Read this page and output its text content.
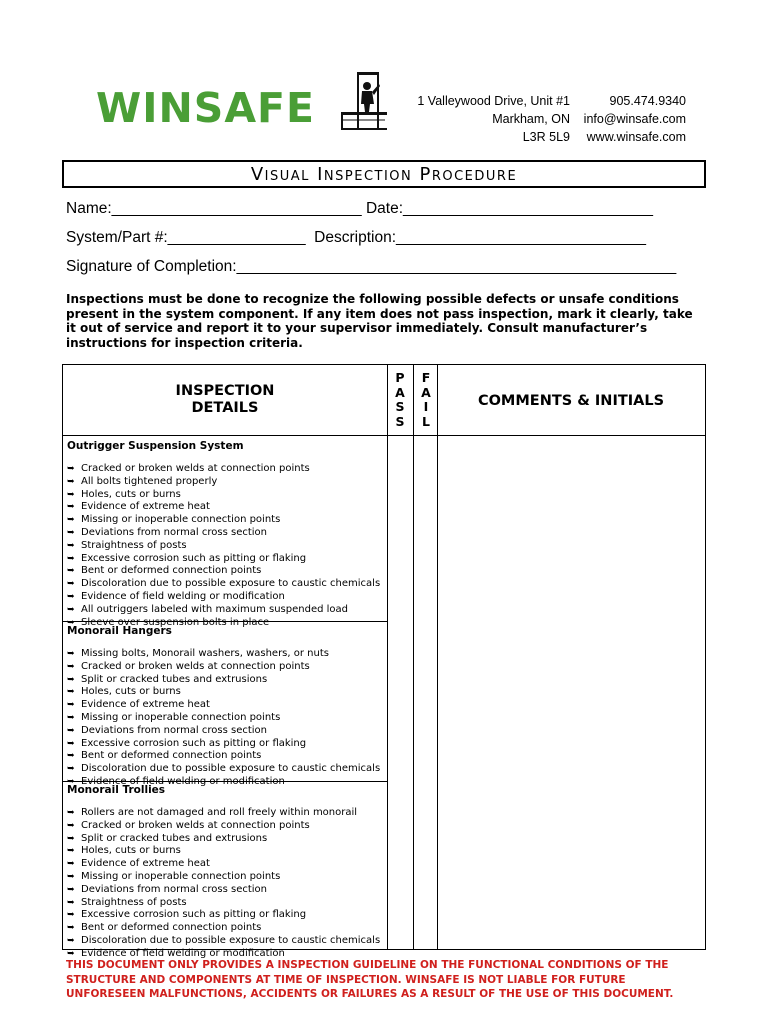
WINSAFE	1 Valleywood Drive, Unit #1
Markham, ON
L3R 5L9
905.474.9340
info@winsafe.com
www.winsafe.com
Visual Inspection Procedure
Name:_____________________________ Date:_____________________________
System/Part #:________________  Description:_____________________________
Signature of Completion:___________________________________________________
Inspections must be done to recognize the following possible defects or unsafe conditions present in the system component. If any item does not pass inspection, mark it clearly, take it out of service and report it to your supervisor immediately. Consult manufacturer’s instructions for inspection criteria.
INSPECTION
DETAILS
P
A
S
S
F
A
I
L
COMMENTS & INITIALS
Outrigger Suspension System
➥ Cracked or broken welds at connection points
➥ All bolts tightened properly
➥ Holes, cuts or burns
➥ Evidence of extreme heat
➥ Missing or inoperable connection points
➥ Deviations from normal cross section
➥ Straightness of posts
➥ Excessive corrosion such as pitting or flaking
➥ Bent or deformed connection points
➥ Discoloration due to possible exposure to caustic chemicals
➥ Evidence of field welding or modification
➥ All outriggers labeled with maximum suspended load
➥ Sleeve over suspension bolts in place
Monorail Hangers
➥ Missing bolts, Monorail washers, washers, or nuts
➥ Cracked or broken welds at connection points
➥ Split or cracked tubes and extrusions
➥ Holes, cuts or burns
➥ Evidence of extreme heat
➥ Missing or inoperable connection points
➥ Deviations from normal cross section
➥ Excessive corrosion such as pitting or flaking
➥ Bent or deformed connection points
➥ Discoloration due to possible exposure to caustic chemicals
➥ Evidence of field welding or modification
Monorail Trollies
➥ Rollers are not damaged and roll freely within monorail
➥ Cracked or broken welds at connection points
➥ Split or cracked tubes and extrusions
➥ Holes, cuts or burns
➥ Evidence of extreme heat
➥ Missing or inoperable connection points
➥ Deviations from normal cross section
➥ Straightness of posts
➥ Excessive corrosion such as pitting or flaking
➥ Bent or deformed connection points
➥ Discoloration due to possible exposure to caustic chemicals
➥ Evidence of field welding or modification
THIS DOCUMENT ONLY PROVIDES A INSPECTION GUIDELINE ON THE FUNCTIONAL CONDITIONS OF THE STRUCTURE AND COMPONENTS AT TIME OF INSPECTION. WINSAFE IS NOT LIABLE FOR FUTURE UNFORESEEN MALFUNCTIONS, ACCIDENTS OR FAILURES AS A RESULT OF THE USE OF THIS DOCUMENT.
